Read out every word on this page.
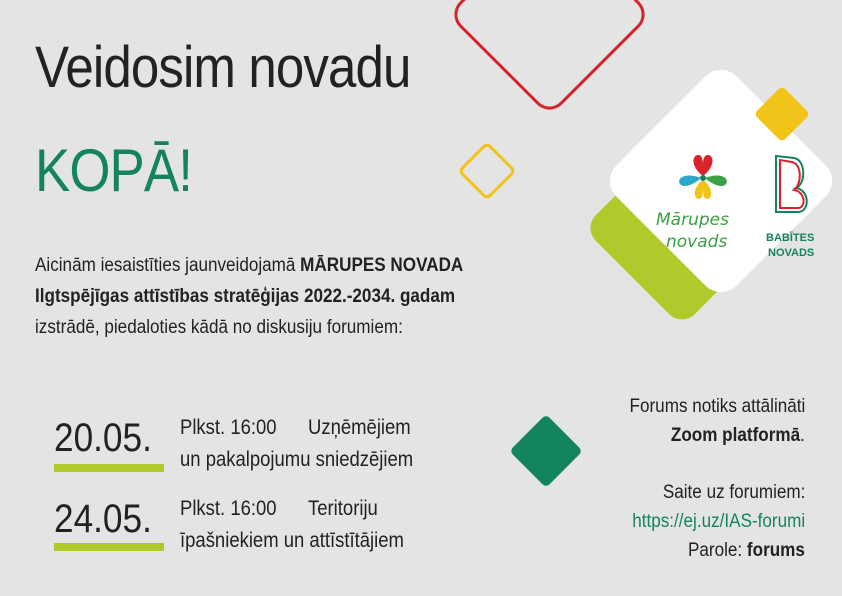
Mārupes
novads	BABĪTES
NOVADS
Veidosim novadu
KOPĀ!
Aicinām iesaistīties jaunveidojamā MĀRUPES NOVADA
Ilgtspējīgas attīstības stratēģijas 2022.-2034. gadam
izstrādē, piedaloties kādā no diskusiju forumiem:
20.05. Plkst. 16:00 Uzņēmējiem
un pakalpojumu sniedzējiem
24.05. Plkst. 16:00 Teritoriju
īpašniekiem un attīstītājiem
Forums notiks attālināti
Zoom platformā.
Saite uz forumiem:
https://ej.uz/IAS-forumi
Parole: forums
